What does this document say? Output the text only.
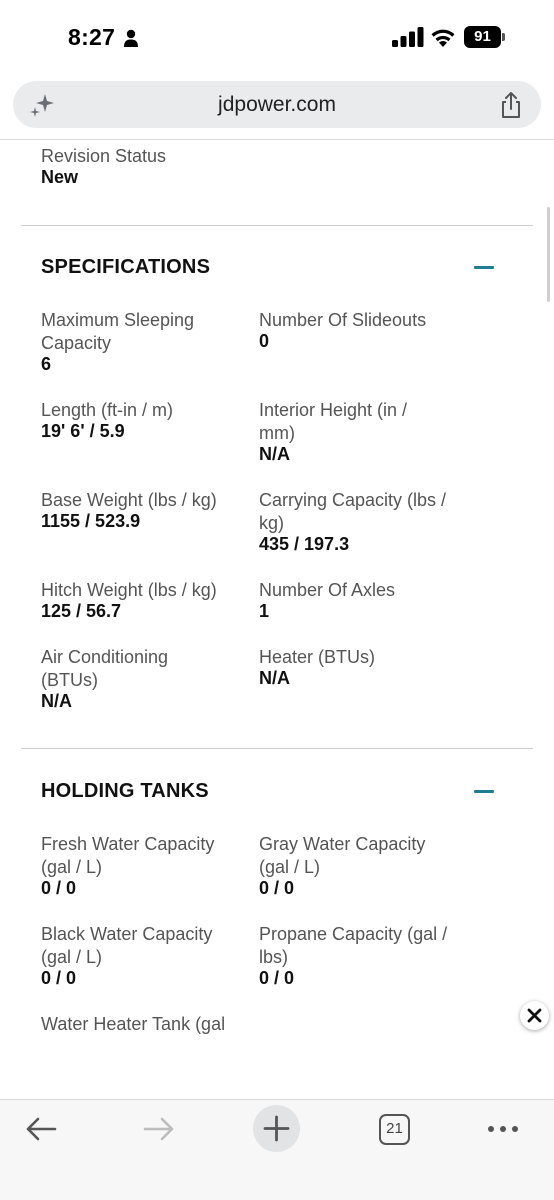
8:27	91
jdpower.com
Revision Status
New
SPECIFICATIONS
Maximum Sleeping Capacity
6
Number Of Slideouts
0
Length (ft-in / m)
19' 6' / 5.9
Interior Height (in / mm)
N/A
Base Weight (lbs / kg)
1155 / 523.9
Carrying Capacity (lbs / kg)
435 / 197.3
Hitch Weight (lbs / kg)
125 / 56.7
Number Of Axles
1
Air Conditioning (BTUs)
N/A
Heater (BTUs)
N/A
HOLDING TANKS
Fresh Water Capacity (gal / L)
0 / 0
Gray Water Capacity (gal / L)
0 / 0
Black Water Capacity (gal / L)
0 / 0
Propane Capacity (gal / lbs)
0 / 0
Water Heater Tank (gal
21
